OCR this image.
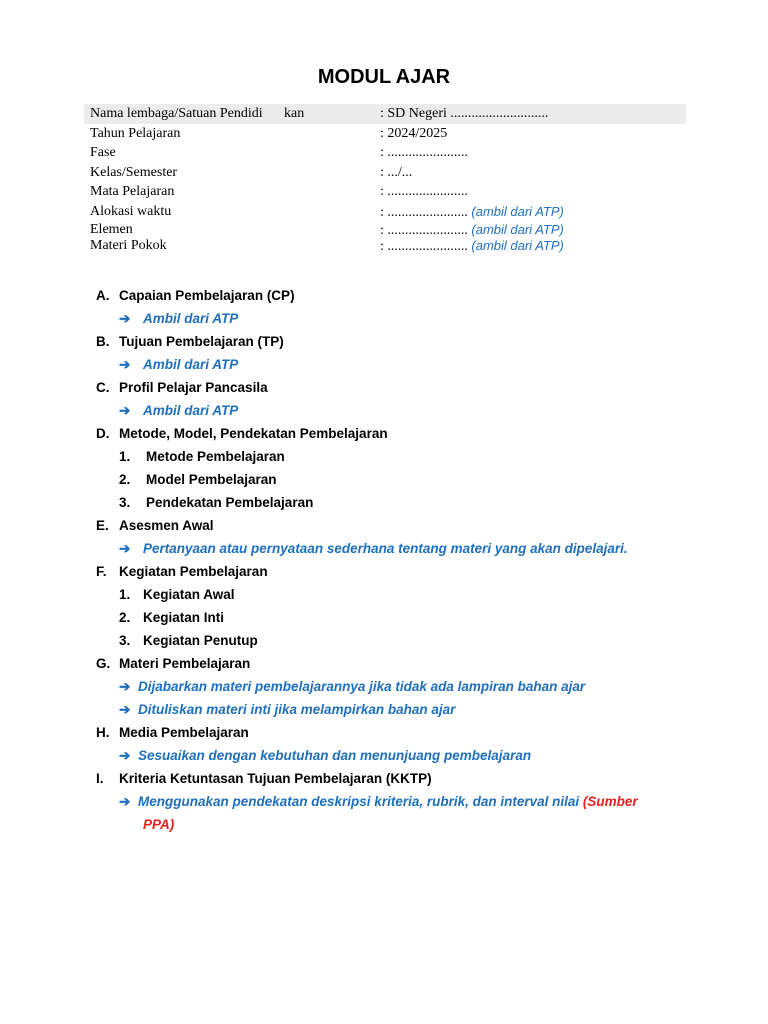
MODUL AJAR
Nama lembaga/Satuan Pendidi kan	: SD Negeri ............................
Tahun Pelajaran	: 2024/2025
Fase	: .......................
Kelas/Semester	: .../...
Mata Pelajaran	: .......................
Alokasi waktu	: ....................... (ambil dari ATP)
Elemen	: ....................... (ambil dari ATP)
Materi Pokok	: ....................... (ambil dari ATP)
A. Capaian Pembelajaran (CP)
➔ Ambil dari ATP
B. Tujuan Pembelajaran (TP)
➔ Ambil dari ATP
C. Profil Pelajar Pancasila
➔ Ambil dari ATP
D. Metode, Model, Pendekatan Pembelajaran
1. Metode Pembelajaran
2. Model Pembelajaran
3. Pendekatan Pembelajaran
E. Asesmen Awal
➔ Pertanyaan atau pernyataan sederhana tentang materi yang akan dipelajari.
F. Kegiatan Pembelajaran
1. Kegiatan Awal
2. Kegiatan Inti
3. Kegiatan Penutup
G. Materi Pembelajaran
➔ Dijabarkan materi pembelajarannya jika tidak ada lampiran bahan ajar
➔ Dituliskan materi inti jika melampirkan bahan ajar
H. Media Pembelajaran
➔ Sesuaikan dengan kebutuhan dan menunjuang pembelajaran
I. Kriteria Ketuntasan Tujuan Pembelajaran (KKTP)
➔ Menggunakan pendekatan deskripsi kriteria, rubrik, dan interval nilai (Sumber
PPA)
